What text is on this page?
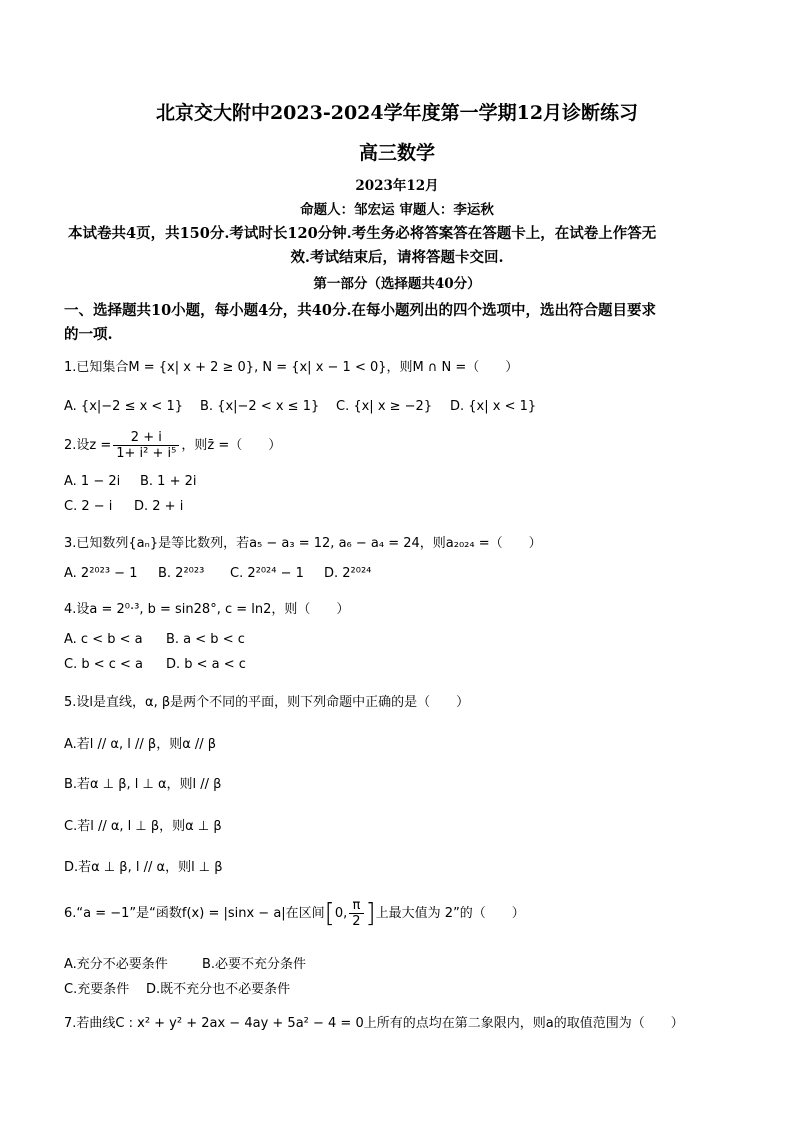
北京交大附中2023-2024学年度第一学期12月诊断练习
高三数学
2023年12月
命题人：邹宏运 审题人：李运秋
本试卷共4页，共150分.考试时长120分钟.考生务必将答案答在答题卡上，在试卷上作答无
效.考试结束后，请将答题卡交回.
第一部分（选择题共40分）
一、选择题共10小题，每小题4分，共40分.在每小题列出的四个选项中，选出符合题目要求
的一项.
1.已知集合M = {x| x + 2 ≥ 0}, N = {x| x − 1 < 0}，则M ∩ N =（　　）
A. {x|−2 ≤ x < 1} B. {x|−2 < x ≤ 1} C. {x| x ≥ −2} D. {x| x < 1}
2.设$z = \frac{2 + i}{\text{1+ i² + i⁵}}$ ，则z̄ =（　　）
A. 1 − 2i B. 1 + 2i
C. 2 − i D. 2 + i
3.已知数列{aₙ}是等比数列，若a₅ − a₃ = 12, a₆ − a₄ = 24，则a₂₀₂₄ =（　　）
A. 2²⁰²³ − 1 B. 2²⁰²³ C. 2²⁰²⁴ − 1 D. 2²⁰²⁴
4.设a = 2⁰·³, b = sin28°, c = ln2，则（　　）
A. c < b < a B. a < b < c
C. b < c < a D. b < a < c
5.设l是直线，α, β是两个不同的平面，则下列命题中正确的是（　　）
A.若l // α, l // β，则α // β
B.若α ⊥ β, l ⊥ α，则l // β
C.若l // α, l ⊥ β，则α ⊥ β
D.若α ⊥ β, l // α，则l ⊥ β
6.“a = −1”是“函数f(x) = |sinx − a|在区间[0, $\frac{\pi}{2}$ ]上最大值为 2”的（　　）
A.充分不必要条件	B.必要不充分条件
C.充要条件 D.既不充分也不必要条件
7.若曲线C : x² + y² + 2ax − 4ay + 5a² − 4 = 0上所有的点均在第二象限内，则a的取值范围为（　　）
